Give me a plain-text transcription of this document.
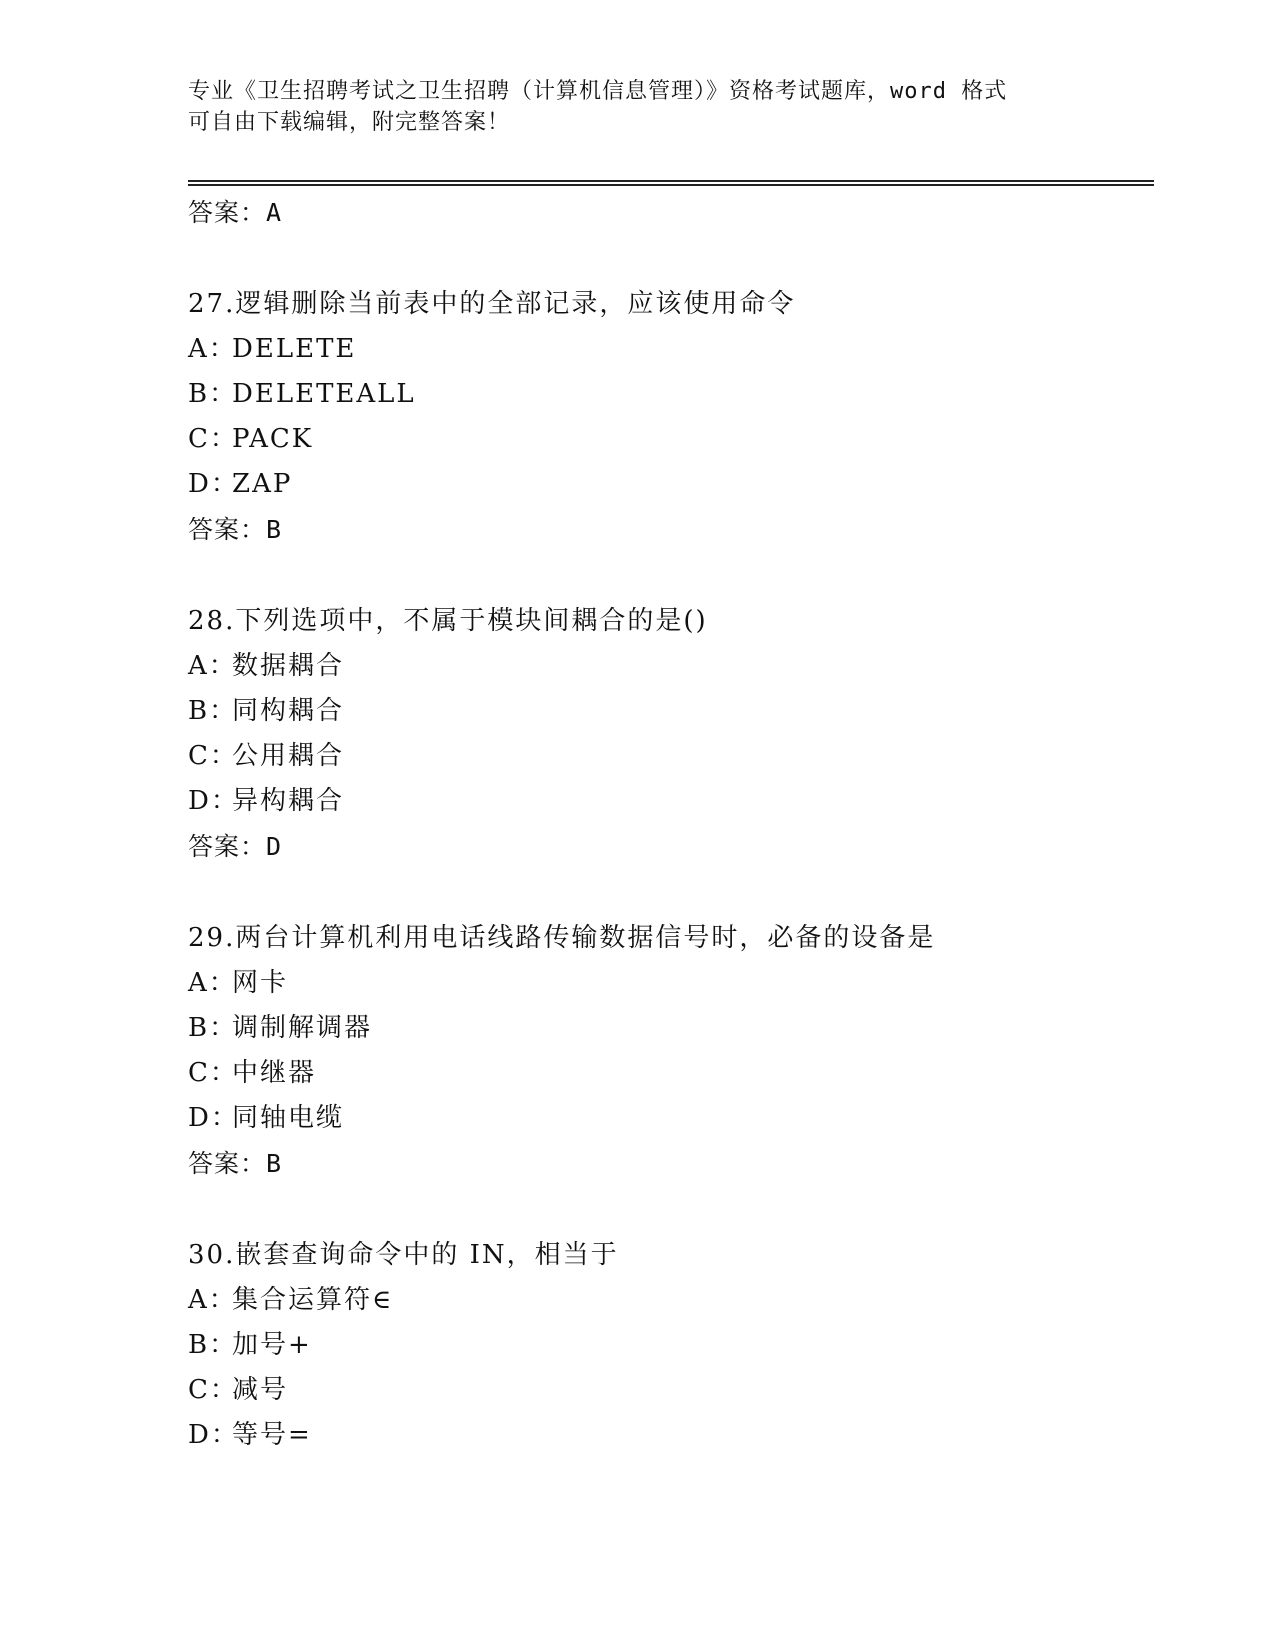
专业《卫生招聘考试之卫生招聘（计算机信息管理）》资格考试题库，word 格式
可自由下载编辑，附完整答案！
答案：A
27.逻辑删除当前表中的全部记录，应该使用命令
A：DELETE
B：DELETEALL
C：PACK
D：ZAP
答案：B
28.下列选项中，不属于模块间耦合的是()
A：数据耦合
B：同构耦合
C：公用耦合
D：异构耦合
答案：D
29.两台计算机利用电话线路传输数据信号时，必备的设备是
A：网卡
B：调制解调器
C：中继器
D：同轴电缆
答案：B
30.嵌套查询命令中的 IN，相当于
A：集合运算符∈
B：加号+
C：减号
D：等号=
